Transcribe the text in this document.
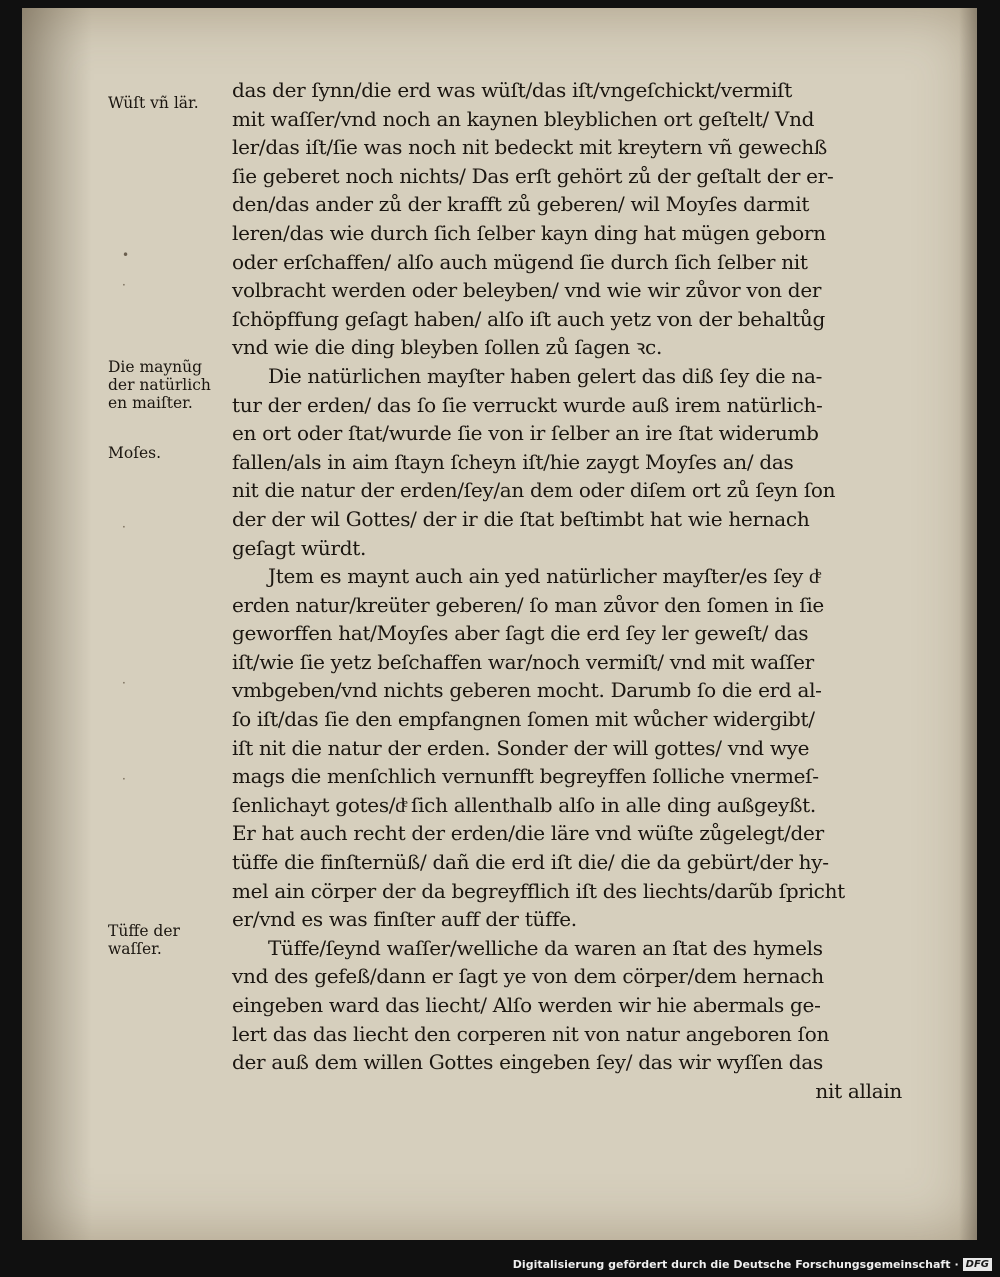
das der ſynn/die erd was wüſt/das iſt/vngeſchickt/vermiſt
mit waſſer/vnd noch an kaynen bleyblichen ort geſtelt/ Vnd
ler/das iſt/ſie was noch nit bedeckt mit kreytern vñ gewechß
ſie geberet noch nichts/ Das erſt gehört zů der geſtalt der er-
den/das ander zů der krafft zů geberen/ wil Moyſes darmit
leren/das wie durch ſich ſelber kayn ding hat mügen geborn
oder erſchaffen/ alſo auch mügend ſie durch ſich ſelber nit
volbracht werden oder beleyben/ vnd wie wir zůvor von der
ſchöpffung geſagt haben/ alſo iſt auch yetz von der behaltůg
vnd wie die ding bleyben ſollen zů ſagen ꝛc.
Die natürlichen mayſter haben gelert das diß ſey die na-
tur der erden/ das ſo ſie verruckt wurde auß irem natürlich-
en ort oder ſtat/wurde ſie von ir ſelber an ire ſtat widerumb
fallen/als in aim ſtayn ſcheyn iſt/hie zaygt Moyſes an/ das
nit die natur der erden/ſey/an dem oder diſem ort zů ſeyn ſon
der der wil Gottes/ der ir die ſtat beſtimbt hat wie hernach
geſagt würdt.
Jtem es maynt auch ain yed natürlicher mayſter/es ſey dͤ
erden natur/kreüter geberen/ ſo man zůvor den ſomen in ſie
geworffen hat/Moyſes aber ſagt die erd ſey ler geweſt/ das
iſt/wie ſie yetz beſchaffen war/noch vermiſt/ vnd mit waſſer
vmbgeben/vnd nichts geberen mocht. Darumb ſo die erd al-
ſo iſt/das ſie den empfangnen ſomen mit wůcher widergibt/
iſt nit die natur der erden. Sonder der will gottes/ vnd wye
mags die menſchlich vernunfft begreyffen ſolliche vnermeſ-
ſenlichayt gotes/dͤ ſich allenthalb alſo in alle ding außgeyßt.
Er hat auch recht der erden/die läre vnd wüſte zůgelegt/der
tüffe die finſternüß/ dañ die erd iſt die/ die da gebürt/der hy-
mel ain cörper der da begreyfflich iſt des liechts/darũb ſpricht
er/vnd es was finſter auff der tüffe.
Tüffe/ſeynd waſſer/welliche da waren an ſtat des hymels
vnd des gefeß/dann er ſagt ye von dem cörper/dem hernach
eingeben ward das liecht/ Alſo werden wir hie abermals ge-
lert das das liecht den corperen nit von natur angeboren ſon
der auß dem willen Gottes eingeben ſey/ das wir wyſſen das
nit allain
Wüſt vñ lär.
Die maynũg
der natürlich
en maiſter.
Moſes.
Tüffe der
waſſer.
•
·
·
·
·
Digitalisierung gefördert durch die Deutsche Forschungsgemeinschaft · DFG
